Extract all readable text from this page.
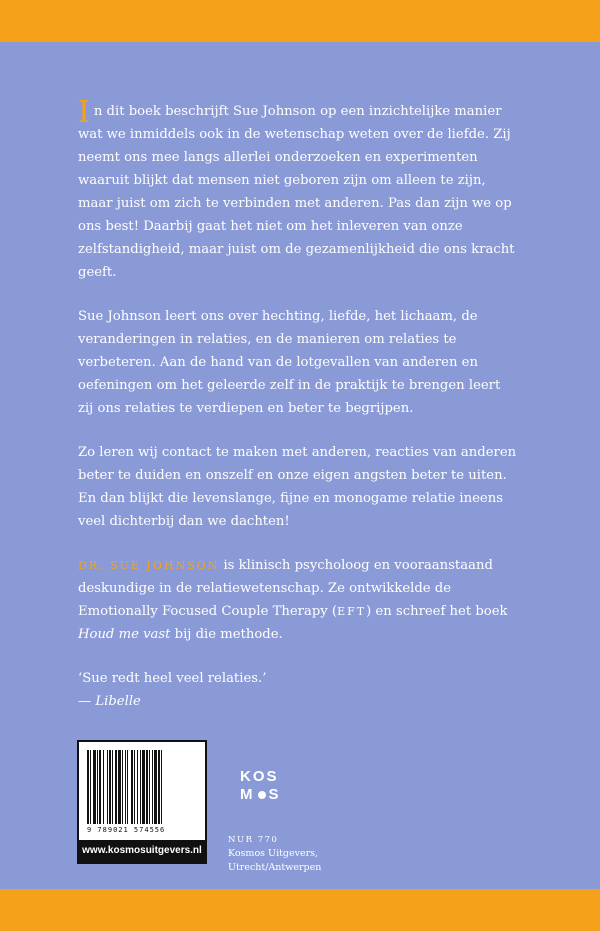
In dit boek beschrijft Sue Johnson op een inzichtelijke manier wat we inmiddels ook in de wetenschap weten over de liefde. Zij neemt ons mee langs allerlei onderzoeken en experimenten waaruit blijkt dat mensen niet geboren zijn om alleen te zijn, maar juist om zich te verbinden met anderen. Pas dan zijn we op ons best! Daarbij gaat het niet om het inleveren van onze zelfstandigheid, maar juist om de gezamenlijkheid die ons kracht geeft.

Sue Johnson leert ons over hechting, liefde, het lichaam, de veranderingen in relaties, en de manieren om relaties te verbeteren. Aan de hand van de lotgevallen van anderen en oefeningen om het geleerde zelf in de praktijk te brengen leert zij ons relaties te verdiepen en beter te begrijpen.

Zo leren wij contact te maken met anderen, reacties van anderen beter te duiden en onszelf en onze eigen angsten beter te uiten. En dan blijkt die levenslange, fijne en monogame relatie ineens veel dichterbij dan we dachten!

DR. SUE JOHNSON is klinisch psycholoog en vooraanstaand deskundige in de relatiewetenschap. Ze ontwikkelde de Emotionally Focused Couple Therapy (EFT) en schreef het boek Houd me vast bij die methode.

‘Sue redt heel veel relaties.’
— Libelle

9 789021 574556
www.kosmosuitgevers.nl
KOS
M S
NUR 770
Kosmos Uitgevers,
Utrecht/Antwerpen
